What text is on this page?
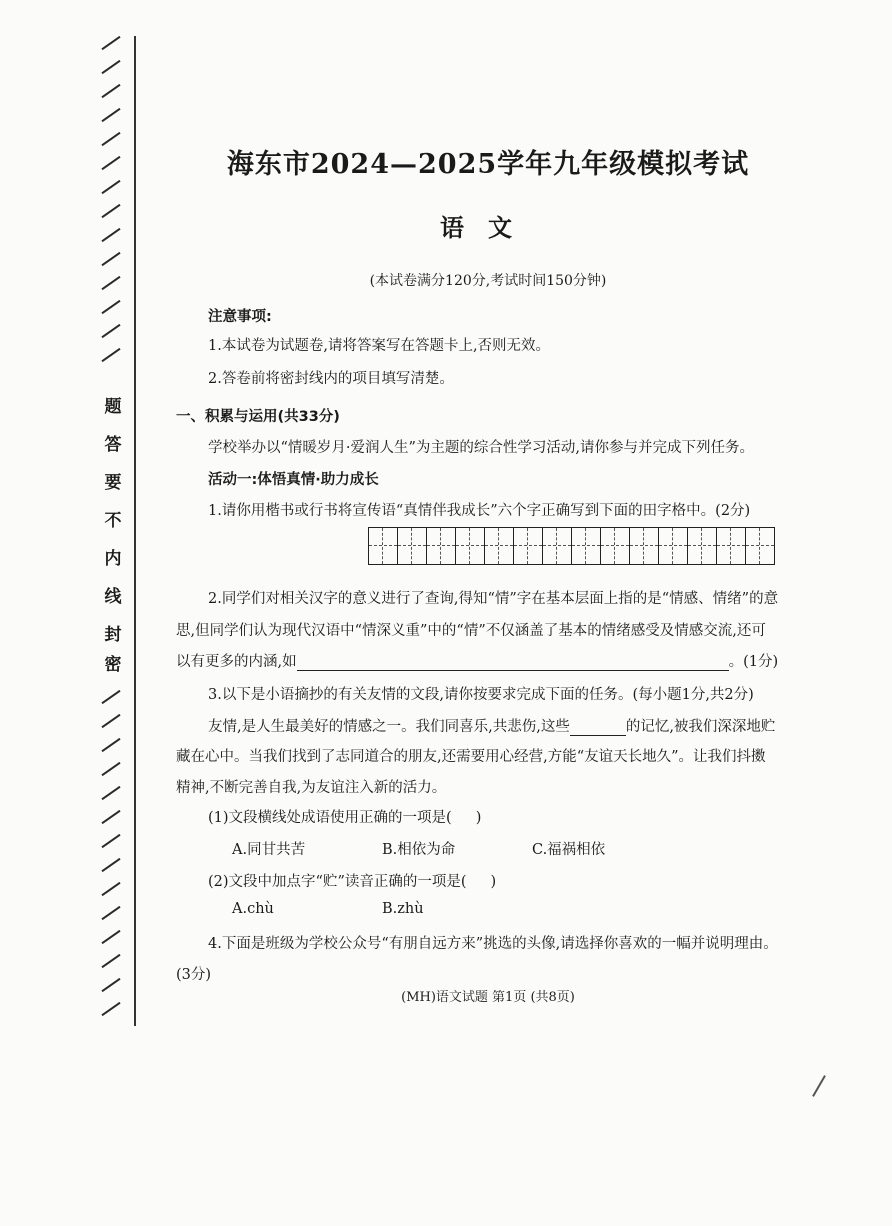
题
答
要
不
内
线
封
密
海东市2024—2025学年九年级模拟考试
语文
(本试卷满分120分,考试时间150分钟)
注意事项:
1.本试卷为试题卷,请将答案写在答题卡上,否则无效。
2.答卷前将密封线内的项目填写清楚。
一、积累与运用(共33分)
学校举办以“情暖岁月·爱润人生”为主题的综合性学习活动,请你参与并完成下列任务。
活动一:体悟真情·助力成长
1.请你用楷书或行书将宣传语“真情伴我成长”六个字正确写到下面的田字格中。(2分)
2.同学们对相关汉字的意义进行了查询,得知“情”字在基本层面上指的是“情感、情绪”的意
思,但同学们认为现代汉语中“情深义重”中的“情”不仅涵盖了基本的情绪感受及情感交流,还可
以有更多的内涵,如	。(1分)
3.以下是小语摘抄的有关友情的文段,请你按要求完成下面的任务。(每小题1分,共2分)
友情,是人生最美好的情感之一。我们同喜乐,共悲伤,这些	的记忆,被我们深深地贮
藏在心中。当我们找到了志同道合的朋友,还需要用心经营,方能“友谊天长地久”。让我们抖擞
精神,不断完善自我,为友谊注入新的活力。
(1)文段横线处成语使用正确的一项是( )
A.同甘共苦	B.相依为命	C.福祸相依
(2)文段中加点字“贮”读音正确的一项是( )
A.chù	B.zhù
4.下面是班级为学校公众号“有朋自远方来”挑选的头像,请选择你喜欢的一幅并说明理由。
(3分)
(MH)语文试题 第1页 (共8页)
